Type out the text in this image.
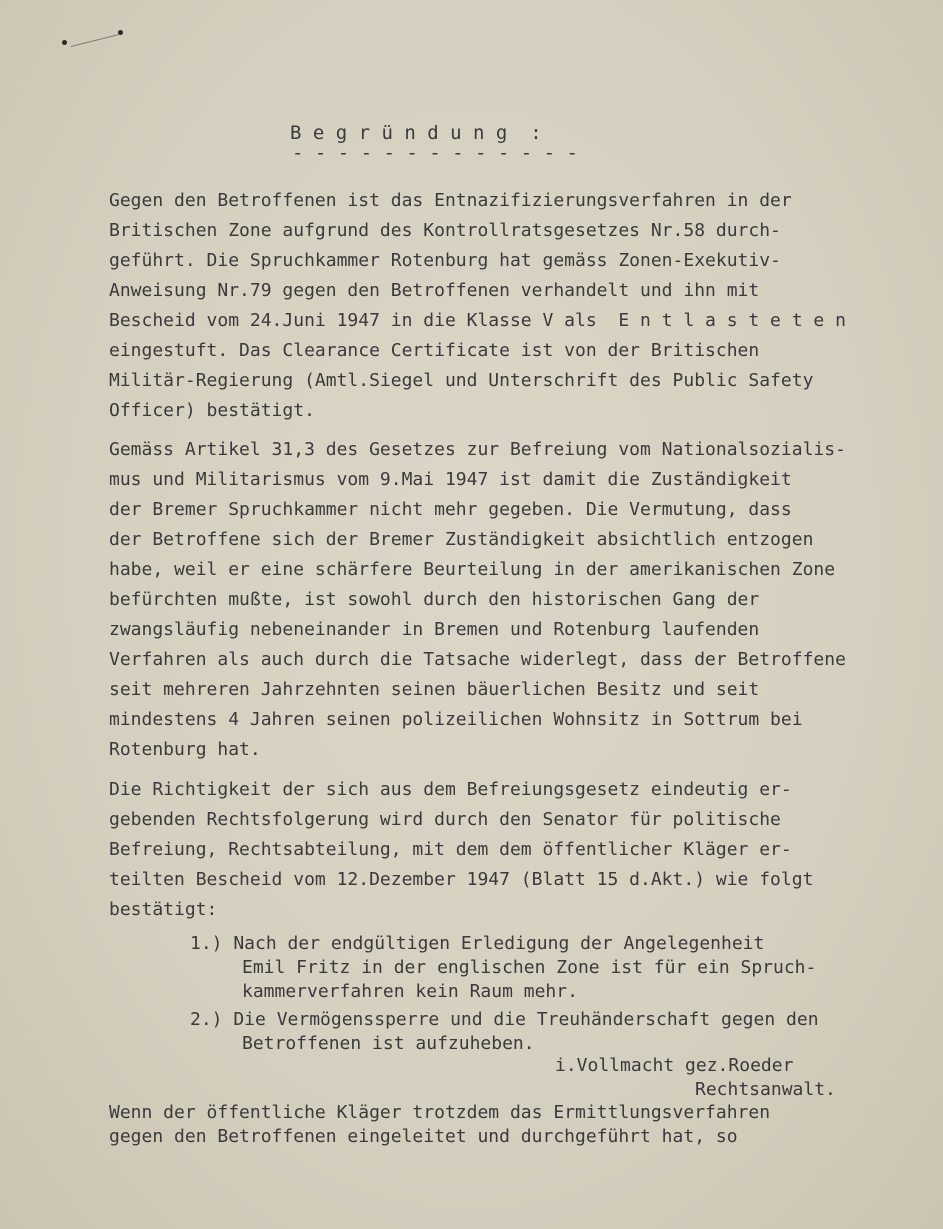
B e g r ü n d u n g  :
- - - - - - - - - - - - -
Gegen den Betroffenen ist das Entnazifizierungsverfahren in der
Britischen Zone aufgrund des Kontrollratsgesetzes Nr.58 durch-
geführt. Die Spruchkammer Rotenburg hat gemäss Zonen-Exekutiv-
Anweisung Nr.79 gegen den Betroffenen verhandelt und ihn mit
Bescheid vom 24.Juni 1947 in die Klasse V als  E n t l a s t e t e n
eingestuft. Das Clearance Certificate ist von der Britischen
Militär-Regierung (Amtl.Siegel und Unterschrift des Public Safety
Officer) bestätigt.
Gemäss Artikel 31,3 des Gesetzes zur Befreiung vom Nationalsozialis-
mus und Militarismus vom 9.Mai 1947 ist damit die Zuständigkeit
der Bremer Spruchkammer nicht mehr gegeben. Die Vermutung, dass
der Betroffene sich der Bremer Zuständigkeit absichtlich entzogen
habe, weil er eine schärfere Beurteilung in der amerikanischen Zone
befürchten mußte, ist sowohl durch den historischen Gang der
zwangsläufig nebeneinander in Bremen und Rotenburg laufenden
Verfahren als auch durch die Tatsache widerlegt, dass der Betroffene
seit mehreren Jahrzehnten seinen bäuerlichen Besitz und seit
mindestens 4 Jahren seinen polizeilichen Wohnsitz in Sottrum bei
Rotenburg hat.
Die Richtigkeit der sich aus dem Befreiungsgesetz eindeutig er-
gebenden Rechtsfolgerung wird durch den Senator für politische
Befreiung, Rechtsabteilung, mit dem dem öffentlicher Kläger er-
teilten Bescheid vom 12.Dezember 1947 (Blatt 15 d.Akt.) wie folgt
bestätigt:
1.) Nach der endgültigen Erledigung der Angelegenheit
Emil Fritz in der englischen Zone ist für ein Spruch-
kammerverfahren kein Raum mehr.
2.) Die Vermögenssperre und die Treuhänderschaft gegen den
Betroffenen ist aufzuheben.
i.Vollmacht gez.Roeder
Rechtsanwalt.
Wenn der öffentliche Kläger trotzdem das Ermittlungsverfahren
gegen den Betroffenen eingeleitet und durchgeführt hat, so
